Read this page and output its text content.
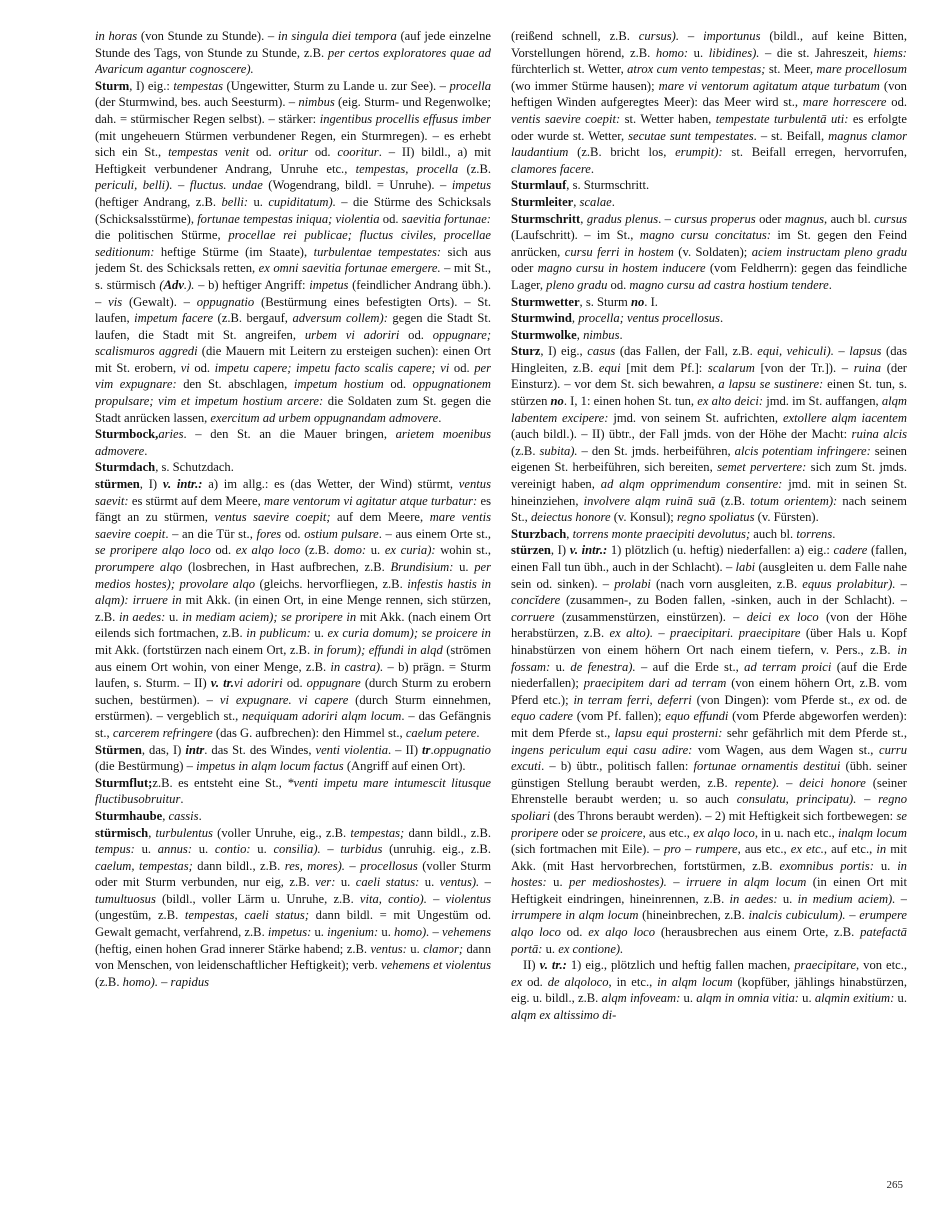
in horas (von Stunde zu Stunde). – in singula diei tempora (auf jede einzelne Stunde des Tags, von Stunde zu Stunde, z.B. per certos exploratores quae ad Avaricum agantur cognoscere).

Sturm, I) eig.: tempestas (Ungewitter, Sturm zu Lande u. zur See). – procella (der Sturmwind, bes. auch Seesturm). – nimbus (eig. Sturm- und Regenwolke; dah. = stürmischer Regen selbst). – stärker: ingentibus procellis effusus imber (mit ungeheuern Stürmen verbundener Regen, ein Sturmregen). – es erhebt sich ein St., tempestas venit od. oritur od. cooritur. – II) bildl., a) mit Heftigkeit verbundener Andrang, Unruhe etc., tempestas, procella (z.B. periculi, belli). – fluctus. undae (Wogendrang, bildl. = Unruhe). – impetus (heftiger Andrang, z.B. belli: u. cupiditatum). – die Stürme des Schicksals (Schicksalsstürme), fortunae tempestas iniqua; violentia od. saevitia fortunae: die politischen Stürme, procellae rei publicae; fluctus civiles, procellae seditionum: heftige Stürme (im Staate), turbulentae tempestates: sich aus jedem St. des Schicksals retten, ex omni saevitia fortunae emergere. – mit St., s. stürmisch (Adv.). – b) heftiger Angriff: impetus (feindlicher Andrang übh.). – vis (Gewalt). – oppugnatio (Bestürmung eines befestigten Orts). – St. laufen, impetum facere (z.B. bergauf, adversum collem): gegen die Stadt St. laufen, die Stadt mit St. angreifen, urbem vi adoriri od. oppugnare; scalismuros aggredi (die Mauern mit Leitern zu ersteigen suchen): einen Ort mit St. erobern, vi od. impetu capere; impetu facto scalis capere; vi od. per vim expugnare: den St. abschlagen, impetum hostium od. oppugnationem propulsare; vim et impetum hostium arcere: die Soldaten zum St. gegen die Stadt anrücken lassen, exercitum ad urbem oppugnandam admovere.

Sturmbock,aries. – den St. an die Mauer bringen, arietem moenibus admovere.

Sturmdach, s. Schutzdach.

stürmen, I) v. intr.: a) im allg.: es (das Wetter, der Wind) stürmt, ventus saevit: es stürmt auf dem Meere, mare ventorum vi agitatur atque turbatur: es fängt an zu stürmen, ventus saevire coepit; auf dem Meere, mare ventis saevire coepit. – an die Tür st., fores od. ostium pulsare. – aus einem Orte st., se proripere alqo loco od. ex alqo loco (z.B. domo: u. ex curia): wohin st., prorumpere alqo (losbrechen, in Hast aufbrechen, z.B. Brundisium: u. per medios hostes); provolare alqo (gleichs. hervorfliegen, z.B. infestis hastis in alqm): irruere in mit Akk. (in einen Ort, in eine Menge rennen, sich stürzen, z.B. in aedes: u. in mediam aciem); se proripere in mit Akk. (nach einem Ort eilends sich fortmachen, z.B. in publicum: u. ex curia domum); se proicere in mit Akk. (fortstürzen nach einem Ort, z.B. in forum); effundi in alqd (strömen aus einem Ort wohin, von einer Menge, z.B. in castra). – b) prägn. = Sturm laufen, s. Sturm. – II) v. tr.vi adoriri od. oppugnare (durch Sturm zu erobern suchen, bestürmen). – vi expugnare. vi capere (durch Sturm einnehmen, erstürmen). – vergeblich st., nequiquam adoriri alqm locum. – das Gefängnis st., carcerem refringere (das G. aufbrechen): den Himmel st., caelum petere.

Stürmen, das, I) intr. das St. des Windes, venti violentia. – II) tr.oppugnatio (die Bestürmung) – impetus in alqm locum factus (Angriff auf einen Ort).

Sturmflut;z.B. es entsteht eine St., *venti impetu mare intumescit litusque fluctibusobruitur.

Sturmhaube, cassis.

stürmisch, turbulentus (voller Unruhe, eig., z.B. tempestas; dann bildl., z.B. tempus: u. annus: u. contio: u. consilia). – turbidus (unruhig. eig., z.B. caelum, tempestas; dann bildl., z.B. res, mores). – procellosus (voller Sturm oder mit Sturm verbunden, nur eig, z.B. ver: u. caeli status: u. ventus). – tumultuosus (bildl., voller Lärm u. Unruhe, z.B. vita, contio). – violentus (ungestüm, z.B. tempestas, caeli status; dann bildl. = mit Ungestüm od. Gewalt gemacht, verfahrend, z.B. impetus: u. ingenium: u. homo). – vehemens (heftig, einen hohen Grad innerer Stärke habend; z.B. ventus: u. clamor; dann von Menschen, von leidenschaftlicher Heftigkeit); verb. vehemens et violentus (z.B. homo). – rapidus

(reißend schnell, z.B. cursus). – importunus (bildl., auf keine Bitten, Vorstellungen hörend, z.B. homo: u. libidines). – die st. Jahreszeit, hiems: fürchterlich st. Wetter, atrox cum vento tempestas; st. Meer, mare procellosum (wo immer Stürme hausen); mare vi ventorum agitatum atque turbatum (von heftigen Winden aufgeregtes Meer): das Meer wird st., mare horrescere od. ventis saevire coepit: st. Wetter haben, tempestate turbulentā uti: es erfolgte oder wurde st. Wetter, secutae sunt tempestates. – st. Beifall, magnus clamor laudantium (z.B. bricht los, erumpit): st. Beifall erregen, hervorrufen, clamores facere.

Sturmlauf, s. Sturmschritt.

Sturmleiter, scalae.

Sturmschritt, gradus plenus. – cursus properus oder magnus, auch bl. cursus (Laufschritt). – im St., magno cursu concitatus: im St. gegen den Feind anrücken, cursu ferri in hostem (v. Soldaten); aciem instructam pleno gradu oder magno cursu in hostem inducere (vom Feldherrn): gegen das feindliche Lager, pleno gradu od. magno cursu ad castra hostium tendere.

Sturmwetter, s. Sturm no. I.

Sturmwind, procella; ventus procellosus.

Sturmwolke, nimbus.

Sturz, I) eig., casus (das Fallen, der Fall, z.B. equi, vehiculi). – lapsus (das Hingleiten, z.B. equi [mit dem Pf.]: scalarum [von der Tr.]). – ruina (der Einsturz). – vor dem St. sich bewahren, a lapsu se sustinere: einen St. tun, s. stürzen no. I, 1: einen hohen St. tun, ex alto deici: jmd. im St. auffangen, alqm labentem excipere: jmd. von seinem St. aufrichten, extollere alqm iacentem (auch bildl.). – II) übtr., der Fall jmds. von der Höhe der Macht: ruina alcis (z.B. subita). – den St. jmds. herbeiführen, alcis potentiam infringere: seinen eigenen St. herbeiführen, sich bereiten, semet pervertere: sich zum St. jmds. vereinigt haben, ad alqm opprimendum consentire: jmd. mit in seinen St. hineinziehen, involvere alqm ruinā suā (z.B. totum orientem): nach seinem St., deiectus honore (v. Konsul); regno spoliatus (v. Fürsten).

Sturzbach, torrens monte praecipiti devolutus; auch bl. torrens.

stürzen, I) v. intr.: 1) plötzlich (u. heftig) niederfallen: a) eig.: cadere (fallen, einen Fall tun übh., auch in der Schlacht). – labi (ausgleiten u. dem Falle nahe sein od. sinken). – prolabi (nach vorn ausgleiten, z.B. equus prolabitur). – concĭdere (zusammen-, zu Boden fallen, -sinken, auch in der Schlacht). – corruere (zusammenstürzen, einstürzen). – deici ex loco (von der Höhe herabstürzen, z.B. ex alto). – praecipitari. praecipitare (über Hals u. Kopf hinabstürzen von einem höhern Ort nach einem tiefern, v. Pers., z.B. in fossam: u. de fenestra). – auf die Erde st., ad terram proici (auf die Erde niederfallen); praecipitem dari ad terram (von einem höhern Ort, z.B. vom Pferd etc.); in terram ferri, deferri (von Dingen): vom Pferde st., ex od. de equo cadere (vom Pf. fallen); equo effundi (vom Pferde abgeworfen werden): mit dem Pferde st., lapsu equi prosterni: sehr gefährlich mit dem Pferde st., ingens periculum equi casu adire: vom Wagen, aus dem Wagen st., curru excuti. – b) übtr., politisch fallen: fortunae ornamentis destitui (übh. seiner günstigen Stellung beraubt werden, z.B. repente). – deici honore (seiner Ehrenstelle beraubt werden; u. so auch consulatu, principatu). – regno spoliari (des Throns beraubt werden). – 2) mit Heftigkeit sich fortbewegen: se proripere oder se proicere, aus etc., ex alqo loco, in u. nach etc., inalqm locum (sich fortmachen mit Eile). – pro – rumpere, aus etc., ex etc., auf etc., in mit Akk. (mit Hast hervorbrechen, fortstürmen, z.B. exomnibus portis: u. in hostes: u. per medioshostes). – irruere in alqm locum (in einen Ort mit Heftigkeit eindringen, hineinrennen, z.B. in aedes: u. in medium aciem). – irrumpere in alqm locum (hineinbrechen, z.B. inalcis cubiculum). – erumpere alqo loco od. ex alqo loco (herausbrechen aus einem Orte, z.B. patefactā portā: u. ex contione).

II) v. tr.: 1) eig., plötzlich und heftig fallen machen, praecipitare, von etc., ex od. de alqoloco, in etc., in alqm locum (kopfüber, jählings hinabstürzen, eig. u. bildl., z.B. alqm infoveam: u. alqm in omnia vitia: u. alqmin exitium: u. alqm ex altissimo di-

265
